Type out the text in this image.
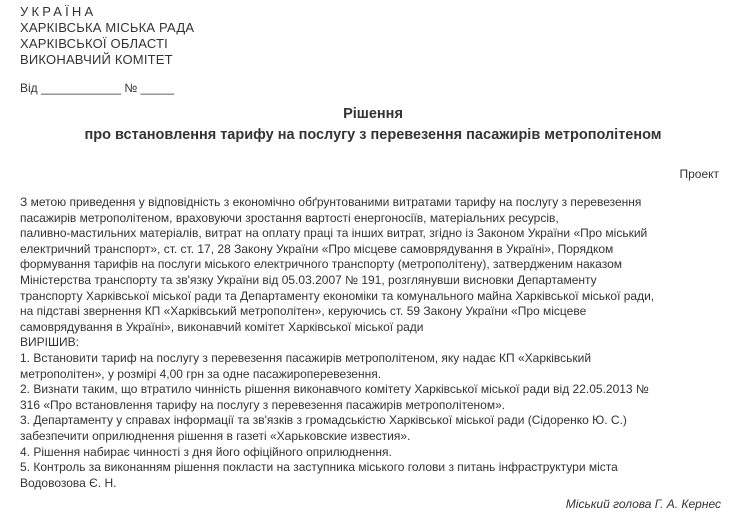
УКРАЇНА
ХАРКІВСЬКА МІСЬКА РАДА
ХАРКІВСЬКОЇ ОБЛАСТІ
ВИКОНАВЧИЙ КОМІТЕТ
Від ____________ № _____
Рішення
про встановлення тарифу на послугу з перевезення пасажирів метрополітеном
Проект
З метою приведення у відповідність з економічно обґрунтованими витратами тарифу на послугу з перевезення
пасажирів метрополітеном, враховуючи зростання вартості енергоносіїв, матеріальних ресурсів,
паливно-мастильних матеріалів, витрат на оплату праці та інших витрат, згідно із Законом України «Про міський
електричний транспорт», ст. ст. 17, 28 Закону України «Про місцеве самоврядування в Україні», Порядком
формування тарифів на послуги міського електричного транспорту (метрополітену), затвердженим наказом
Міністерства транспорту та зв'язку України від 05.03.2007 № 191, розглянувши висновки Департаменту
транспорту Харківської міської ради та Департаменту економіки та комунального майна Харківської міської ради,
на підставі звернення КП «Харківський метрополітен», керуючись ст. 59 Закону України «Про місцеве
самоврядування в Україні», виконавчий комітет Харківської міської ради
ВИРІШИВ:
1. Встановити тариф на послугу з перевезення пасажирів метрополітеном, яку надає КП «Харківський
метрополітен», у розмірі 4,00 грн за одне пасажироперевезення.
2. Визнати таким, що втратило чинність рішення виконавчого комітету Харківської міської ради від 22.05.2013 №
316 «Про встановлення тарифу на послугу з перевезення пасажирів метрополітеном».
3. Департаменту у справах інформації та зв'язків з громадськістю Харківської міської ради (Сідоренко Ю. С.)
забезпечити оприлюднення рішення в газеті «Харьковские известия».
4. Рішення набирає чинності з дня його офіційного оприлюднення.
5. Контроль за виконанням рішення покласти на заступника міського голови з питань інфраструктури міста
Водовозова Є. Н.
Міський голова Г. А. Кернес
